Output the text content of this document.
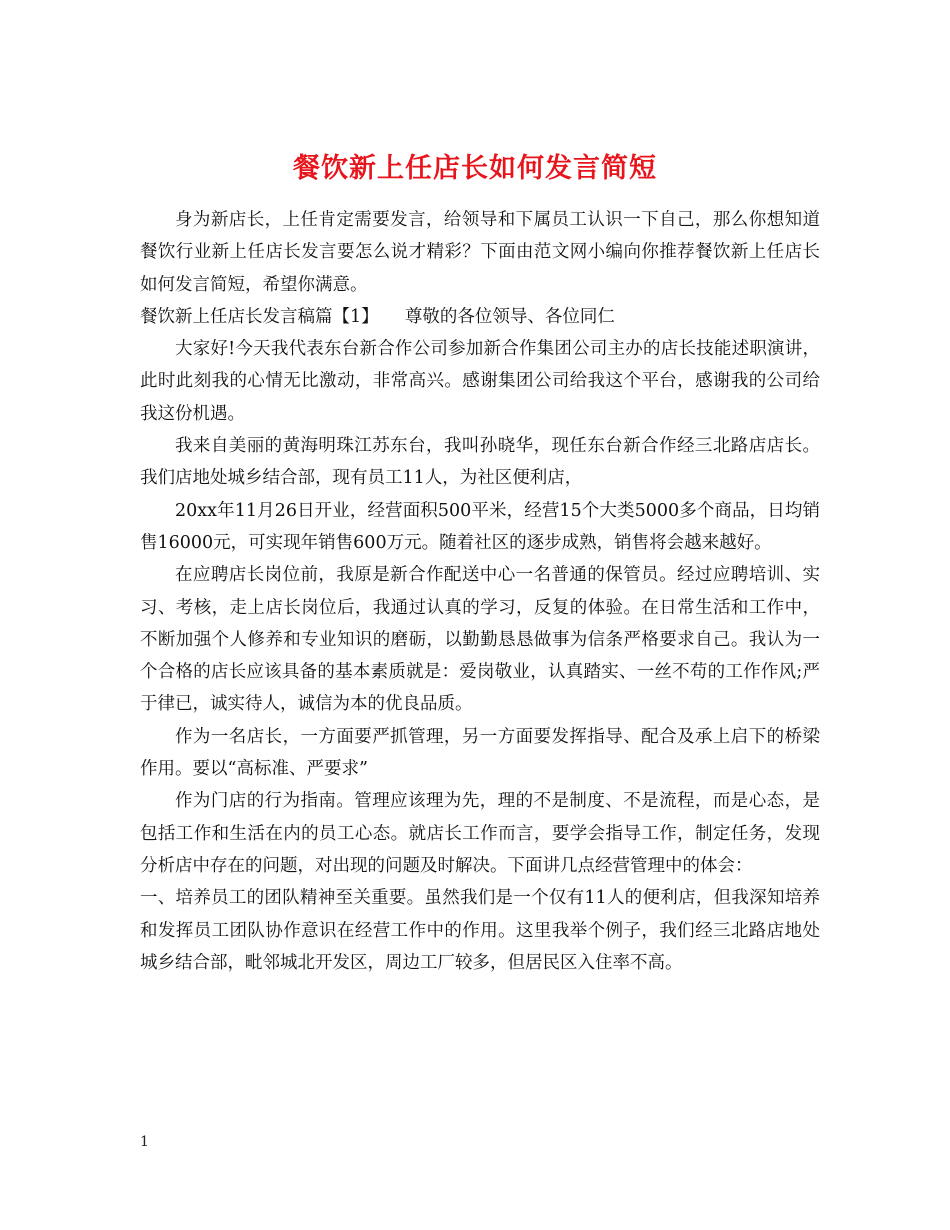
餐饮新上任店长如何发言简短

身为新店长，上任肯定需要发言，给领导和下属员工认识一下自己，那么你想知道餐饮行业新上任店长发言要怎么说才精彩？下面由范文网小编向你推荐餐饮新上任店长如何发言简短，希望你满意。

餐饮新上任店长发言稿篇【1】　　尊敬的各位领导、各位同仁

大家好!今天我代表东台新合作公司参加新合作集团公司主办的店长技能述职演讲，此时此刻我的心情无比激动，非常高兴。感谢集团公司给我这个平台，感谢我的公司给我这份机遇。

我来自美丽的黄海明珠江苏东台，我叫孙晓华，现任东台新合作经三北路店店长。我们店地处城乡结合部，现有员工11人，为社区便利店，

20xx年11月26日开业，经营面积500平米，经营15个大类5000多个商品，日均销售16000元，可实现年销售600万元。随着社区的逐步成熟，销售将会越来越好。

在应聘店长岗位前，我原是新合作配送中心一名普通的保管员。经过应聘培训、实习、考核，走上店长岗位后，我通过认真的学习，反复的体验。在日常生活和工作中，不断加强个人修养和专业知识的磨砺，以勤勤恳恳做事为信条严格要求自己。我认为一个合格的店长应该具备的基本素质就是：爱岗敬业，认真踏实、一丝不苟的工作作风;严于律已，诚实待人，诚信为本的优良品质。

作为一名店长，一方面要严抓管理，另一方面要发挥指导、配合及承上启下的桥梁作用。要以“高标准、严要求”

作为门店的行为指南。管理应该理为先，理的不是制度、不是流程，而是心态，是包括工作和生活在内的员工心态。就店长工作而言，要学会指导工作，制定任务，发现分析店中存在的问题，对出现的问题及时解决。下面讲几点经营管理中的体会：

一、培养员工的团队精神至关重要。虽然我们是一个仅有11人的便利店，但我深知培养和发挥员工团队协作意识在经营工作中的作用。这里我举个例子，我们经三北路店地处城乡结合部，毗邻城北开发区，周边工厂较多，但居民区入住率不高。

1
